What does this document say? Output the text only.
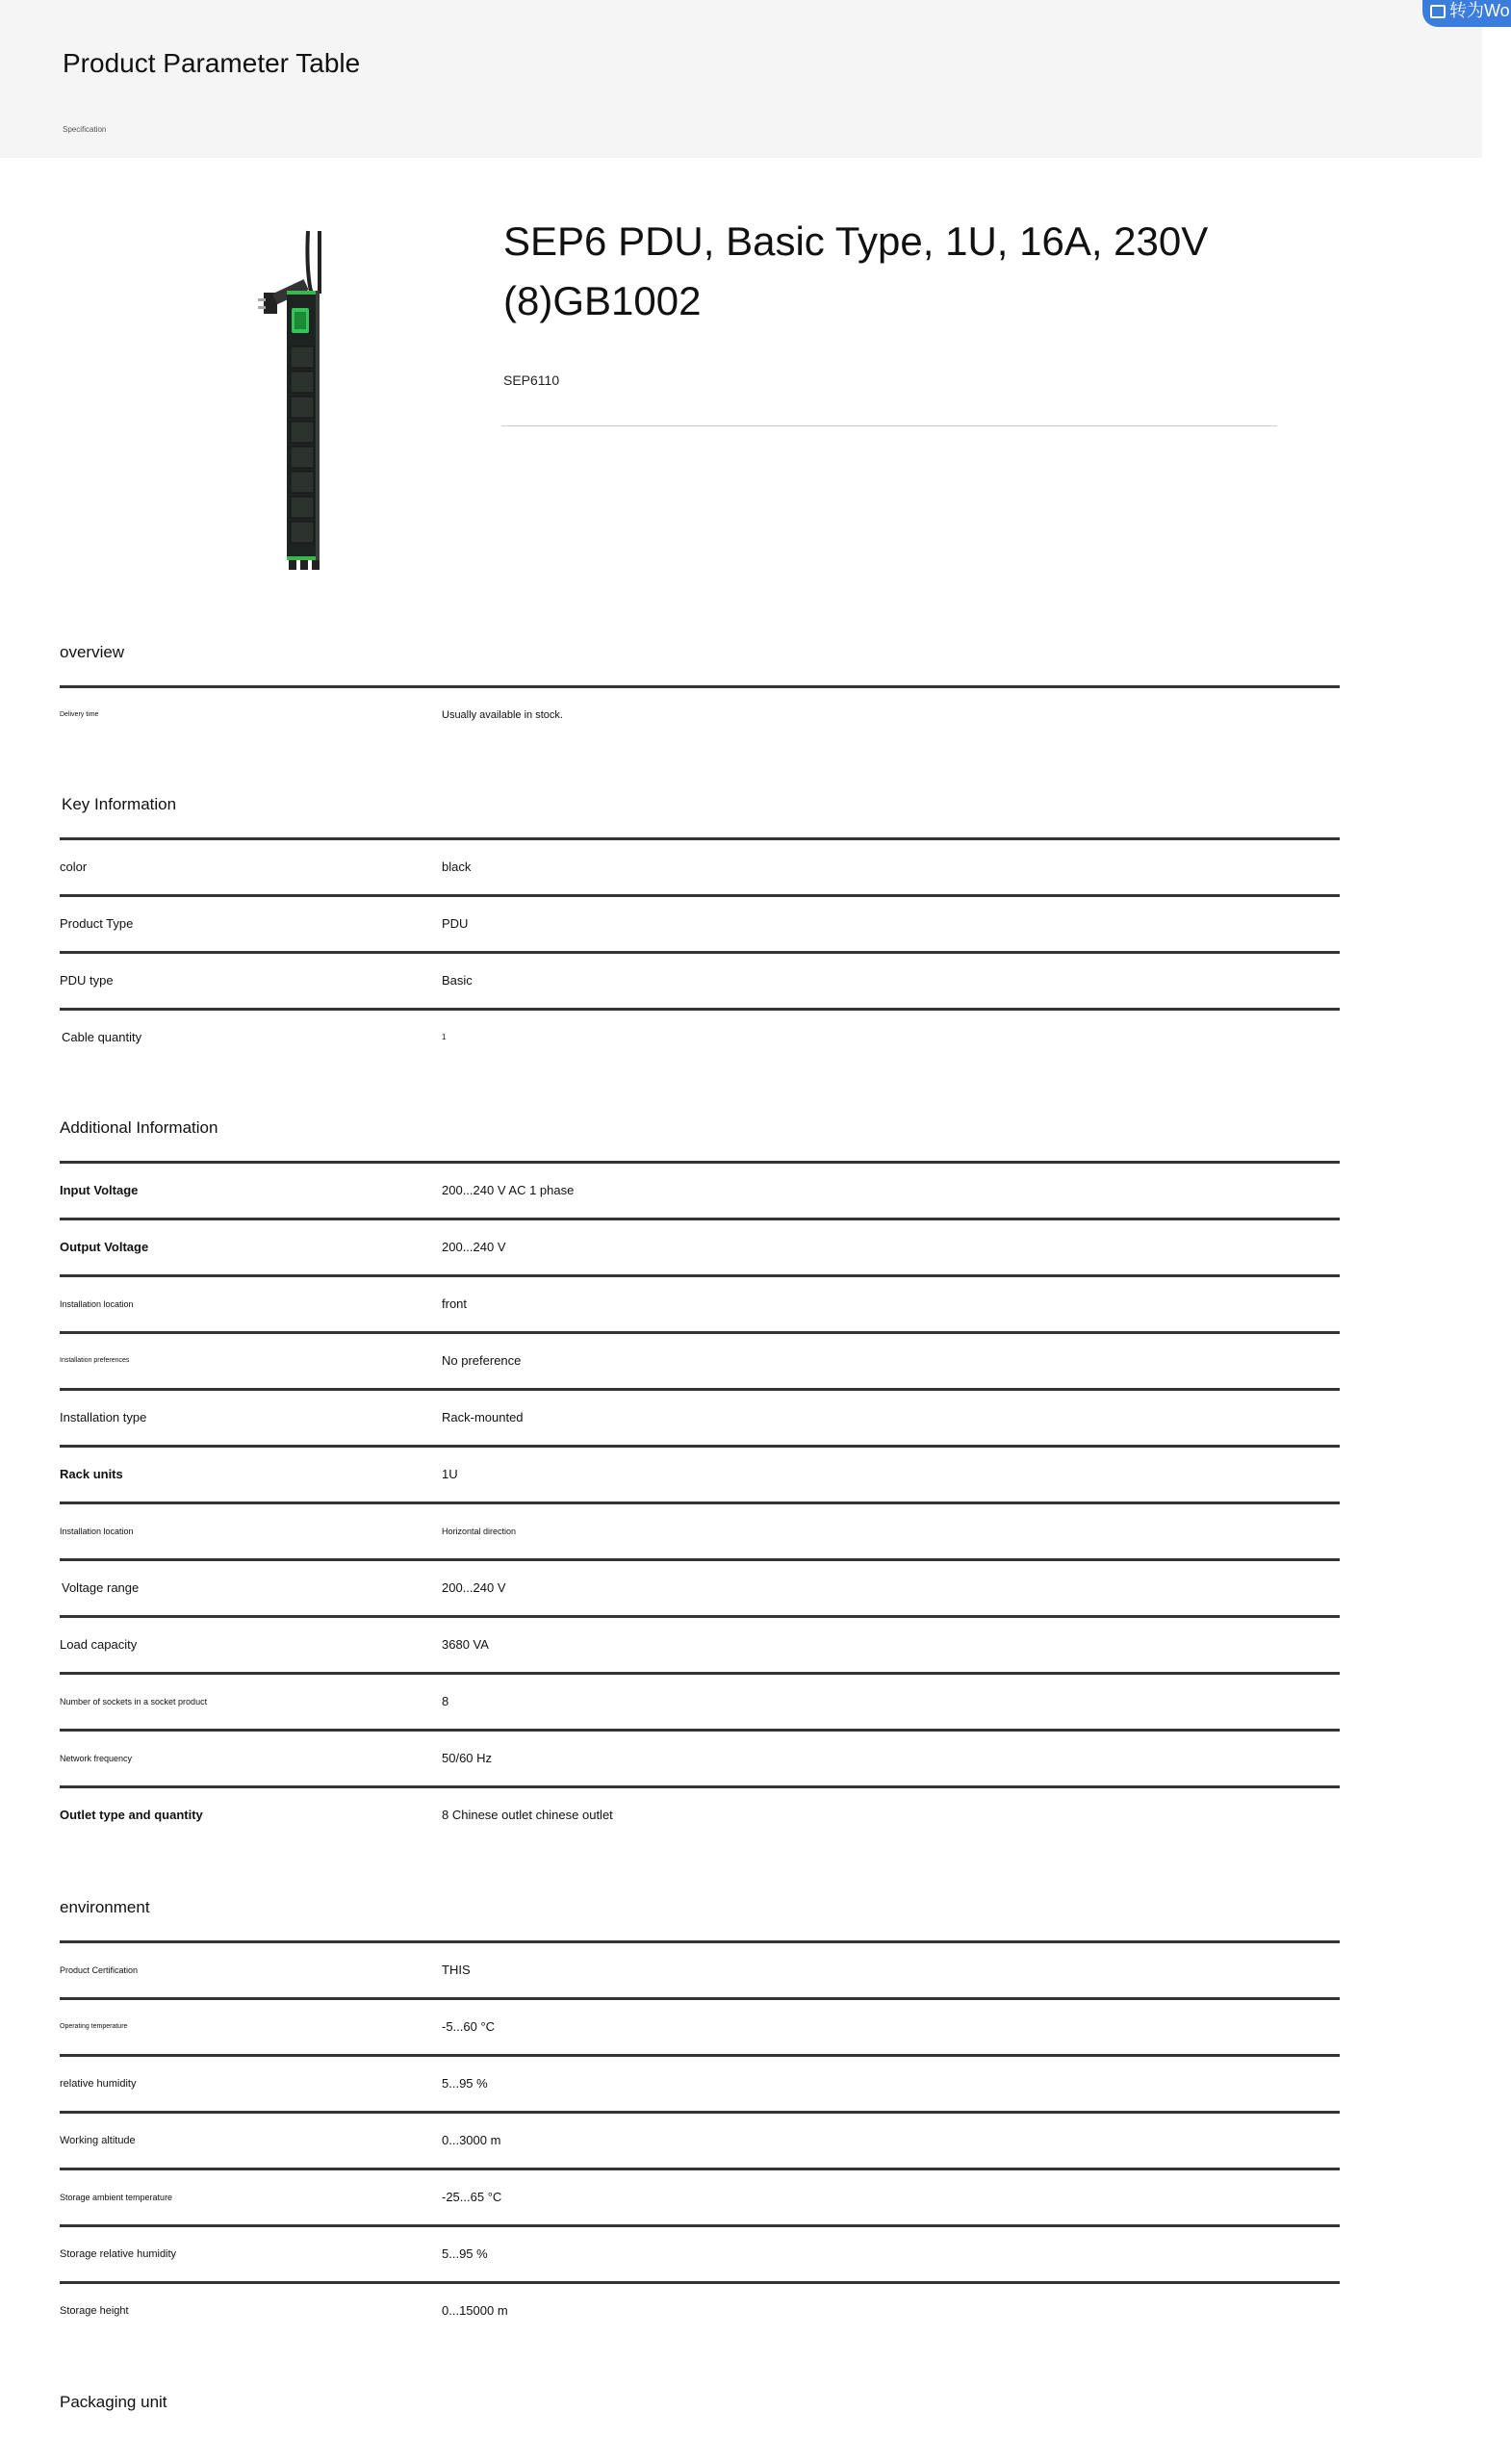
Product Parameter Table
Specification
转为Wo
SEP6 PDU, Basic Type, 1U, 16A, 230V
(8)GB1002
SEP6110
overview
Delivery time	Usually available in stock.
Key Information
color	black
Product Type	PDU
PDU type	Basic
Cable quantity	1
Additional Information
Input Voltage	200...240 V AC 1 phase
Output Voltage	200...240 V
Installation location	front
Installation preferences	No preference
Installation type	Rack-mounted
Rack units	1U
Installation location	Horizontal direction
Voltage range	200...240 V
Load capacity	3680 VA
Number of sockets in a socket product	8
Network frequency	50/60 Hz
Outlet type and quantity	8 Chinese outlet chinese outlet
environment
Product Certification	THIS
Operating temperature	-5...60 °C
relative humidity	5...95 %
Working altitude	0...3000 m
Storage ambient temperature	-25...65 °C
Storage relative humidity	5...95 %
Storage height	0...15000 m
Packaging unit
